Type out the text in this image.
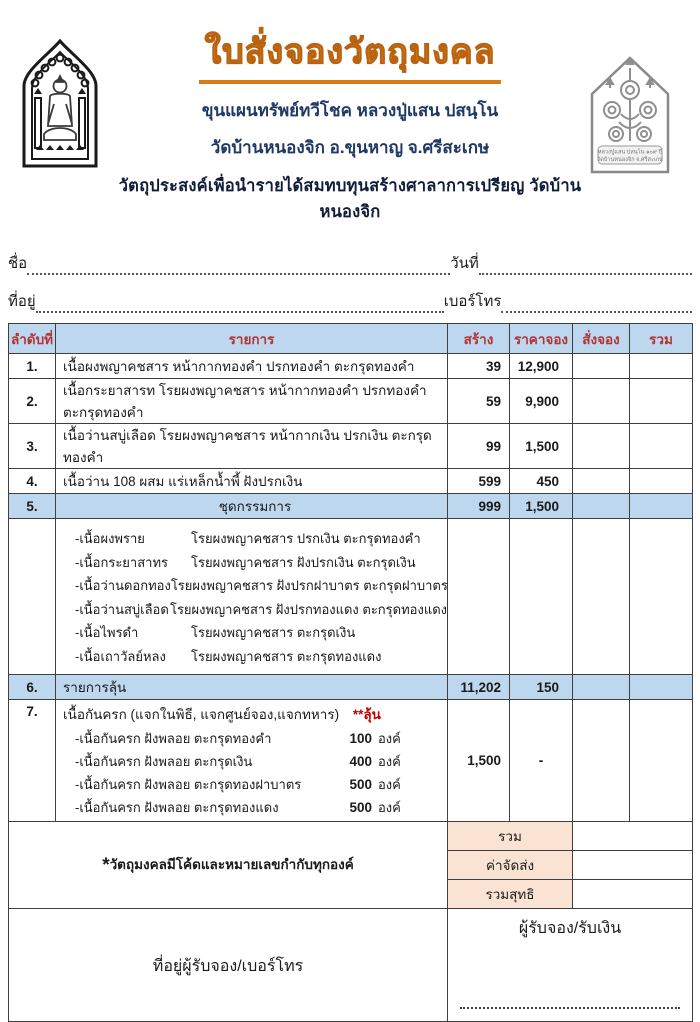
ใบสั่งจองวัตถุมงคล
ขุนแผนทรัพย์ทวีโชค หลวงปู่แสน ปสนฺโน
วัดบ้านหนองจิก อ.ขุนหาญ จ.ศรีสะเกษ
วัตถุประสงค์เพื่อนำรายได้สมทบทุนสร้างศาลาการเปรียญ วัดบ้านหนองจิก
หลวงปู่แสน ปสนฺโน ๑๐๙ ปี
วัดบ้านหนองจิก จ.ศรีสะเกษ
ชื่อ	วันที่
ที่อยู่	เบอร์โทร
ลำดับที่	รายการ	สร้าง	ราคาจอง	สั่งจอง	รวม
1.	เนื้อผงพญาคชสาร หน้ากากทองคำ ปรกทองคำ ตะกรุดทองคำ	39	12,900		
2.	เนื้อกระยาสารท โรยผงพญาคชสาร หน้ากากทองคำ ปรกทองคำ ตะกรุดทองคำ	59	9,900		
3.	เนื้อว่านสบู่เลือด โรยผงพญาคชสาร หน้ากากเงิน ปรกเงิน ตะกรุดทองคำ	99	1,500		
4.	เนื้อว่าน 108 ผสม แร่เหล็กน้ำพี้ ฝังปรกเงิน	599	450		
5.	ชุดกรรมการ	999	1,500		

-เนื้อผงพราย	โรยผงพญาคชสาร ปรกเงิน ตะกรุดทองคำ
-เนื้อกระยาสาทร	โรยผงพญาคชสาร ฝังปรกเงิน ตะกรุดเงิน
-เนื้อว่านดอกทอง โรยผงพญาคชสาร ฝังปรกฝาบาตร ตะกรุดฝาบาตร
-เนื้อว่านสบู่เลือด โรยผงพญาคชสาร ฝังปรกทองแดง ตะกรุดทองแดง
-เนื้อไพรดำ	โรยผงพญาคชสาร ตะกรุดเงิน
-เนื้อเถาวัลย์หลง	โรยผงพญาคชสาร ตะกรุดทองแดง

6.	รายการลุ้น	11,202	150		
7.	เนื้อกันครก (แจกในพิธี, แจกศูนย์จอง,แจกทหาร) **ลุ้น
-เนื้อกันครก ฝังพลอย ตะกรุดทองคำ	100 องค์
-เนื้อกันครก ฝังพลอย ตะกรุดเงิน	400 องค์
-เนื้อกันครก ฝังพลอย ตะกรุดทองฝาบาตร	500 องค์
-เนื้อกันครก ฝังพลอย ตะกรุดทองแดง	500 องค์
	1,500	-		
*วัตถุมงคลมีโค้ดและหมายเลขกำกับทุกองค์		รวม			
		ค่าจัดส่ง			
		รวมสุทธิ			

ที่อยู่ผู้รับจอง/เบอร์โทร		ผู้รับจอง/รับเงิน			
